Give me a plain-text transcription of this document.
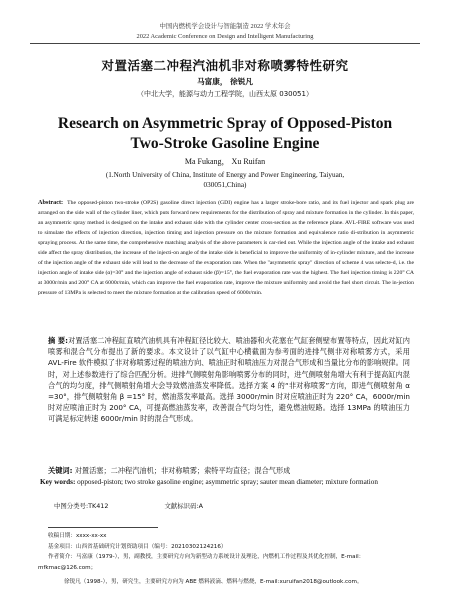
中国内燃机学会设计与智能制造 2022 学术年会
2022 Academic Conference on Design and Intelligent Manufacturing
对置活塞二冲程汽油机非对称喷雾特性研究
马富康， 徐锐凡
（中北大学，能源与动力工程学院，山西太原 030051）
Research on Asymmetric Spray of Opposed-Piston
Two-Stroke Gasoline Engine
Ma Fukang， Xu Ruifan
(1.North University of China, Institute of Energy and Power Engineering, Taiyuan,
030051,China)

Abstract: The opposed-piston two-stroke (OP2S) gasoline direct injection (GDI) engine has a larger stroke-bore ratio, and its fuel injector and spark plug are arranged on the side wall of the cylinder liner, which puts forward new requirements for the distribution of spray and mixture formation in the cylinder. In this paper, an asymmetric spray method is designed on the intake and exhaust side with the cylinder center cross-section as the reference plane. AVL-FIRE software was used to simulate the effects of injection direction, injection timing and injection pressure on the mixture formation and equivalence ratio di-stribution in asymmetric spraying process. At the same time, the comprehensive matching analysis of the above parameters is car-ried out. While the injection angle of the intake and exhaust side affect the spray distribution, the increase of the injecti-on angle of the intake side is beneficial to improve the uniformity of in-cylinder mixture, and the increase of the injection angle of the exhaust side will lead to the decrease of the evaporation rate. When the "asymmetric spray" direction of scheme 4 was selecte-d, i.e. the injection angle of intake side (α)=30° and the injection angle of exhaust side (β)=15°, the fuel evaporation rate was the highest. The fuel injection timing is 220° CA at 3000r/min and 200° CA at 6000r/min, which can improve the fuel evaporation rate, improve the mixture uniformity and avoid the fuel short circuit. The in-jection pressure of 13MPa is selected to meet the mixture formation at the calibration speed of 6000r/min.

摘 要:对置活塞二冲程缸直喷汽油机具有冲程缸径比较大、喷油器和火花塞在气缸套侧壁布置等特点，因此对缸内喷雾和混合气分布提出了新的要求。本文设计了以气缸中心横截面为参考面的进排气侧非对称喷雾方式，采用 AVL-Fire 软件模拟了非对称喷雾过程的喷油方向、喷油正时和喷油压力对混合气形成和当量比分布的影响规律。同时，对上述参数进行了综合匹配分析。进排气侧喷射角影响喷雾分布的同时，进气侧喷射角增大有利于提高缸内混合气的均匀度，排气侧喷射角增大会导致燃油蒸发率降低。选择方案 4 的“非对称喷雾”方向，即进气侧喷射角 α =30°，排气侧喷射角 β =15° 时，燃油蒸发率最高。选择 3000r/min 时对应喷油正时为 220° CA，6000r/min 时对应喷油正时为 200° CA，可提高燃油蒸发率，改善混合气均匀性，避免燃油短路。选择 13MPa 的喷油压力可满足标定转速 6000r/min 时的混合气形成。

关键词: 对置活塞；二冲程汽油机；非对称喷雾；索特平均直径；混合气形成
Key words: opposed-piston; two stroke gasoline engine; asymmetric spray; sauter mean diameter; mixture formation
中图分类号:TK412	文献标识码:A
收稿日期：xxxx-xx-xx
基金项目：山西省基础研究计划资助项目（编号：20210302124216）
作者简介：马富康（1979-），男，副教授，主要研究方向为新型动力系统设计及理论，内燃机工作过程及其优化控制，E-mail：
mfkmac@126.com；
徐锐凡（1998-），男，研究生，主要研究方向为 ABE 燃料液滴、燃料与燃烧，E-mail:xuruifan2018@outlook.com。
